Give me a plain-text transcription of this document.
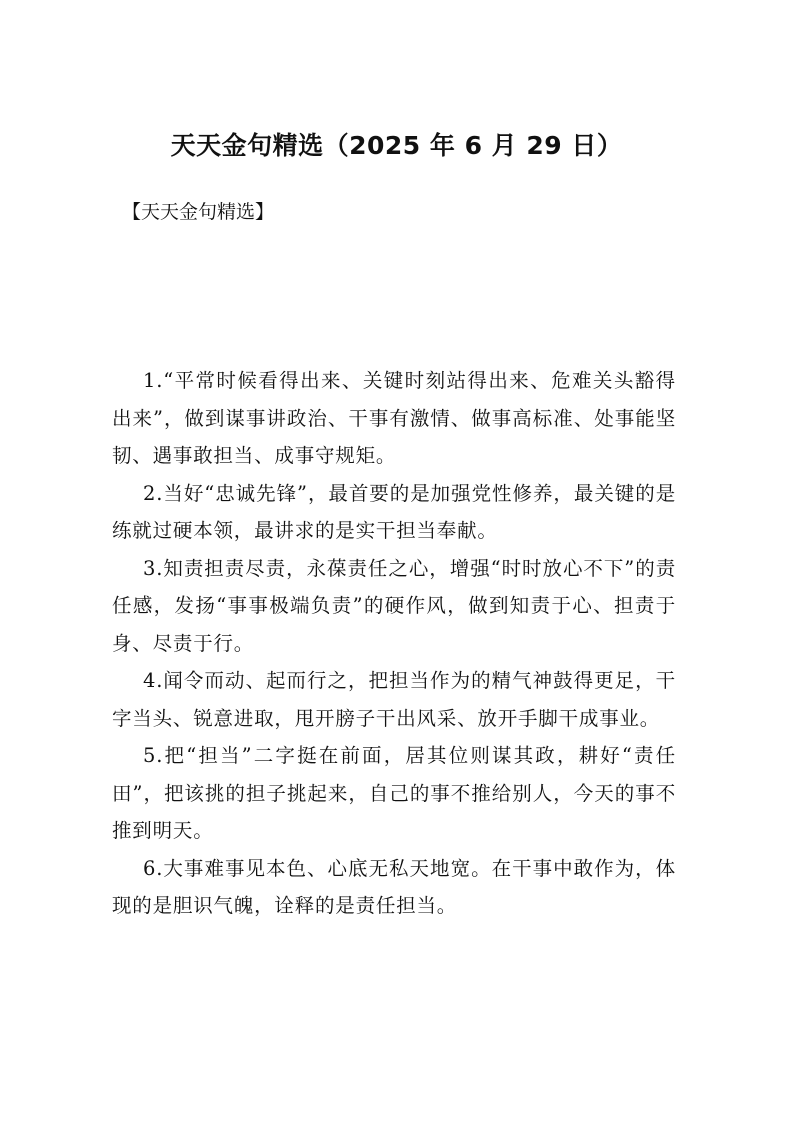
天天金句精选（2025 年 6 月 29 日）

【天天金句精选】

1.“平常时候看得出来、关键时刻站得出来、危难关头豁得出来”，做到谋事讲政治、干事有激情、做事高标准、处事能坚韧、遇事敢担当、成事守规矩。

2.当好“忠诚先锋”，最首要的是加强党性修养，最关键的是练就过硬本领，最讲求的是实干担当奉献。

3.知责担责尽责，永葆责任之心，增强“时时放心不下”的责任感，发扬“事事极端负责”的硬作风，做到知责于心、担责于身、尽责于行。

4.闻令而动、起而行之，把担当作为的精气神鼓得更足，干字当头、锐意进取，甩开膀子干出风采、放开手脚干成事业。

5.把“担当”二字挺在前面，居其位则谋其政，耕好“责任田”，把该挑的担子挑起来，自己的事不推给别人，今天的事不推到明天。

6.大事难事见本色、心底无私天地宽。在干事中敢作为，体现的是胆识气魄，诠释的是责任担当。
